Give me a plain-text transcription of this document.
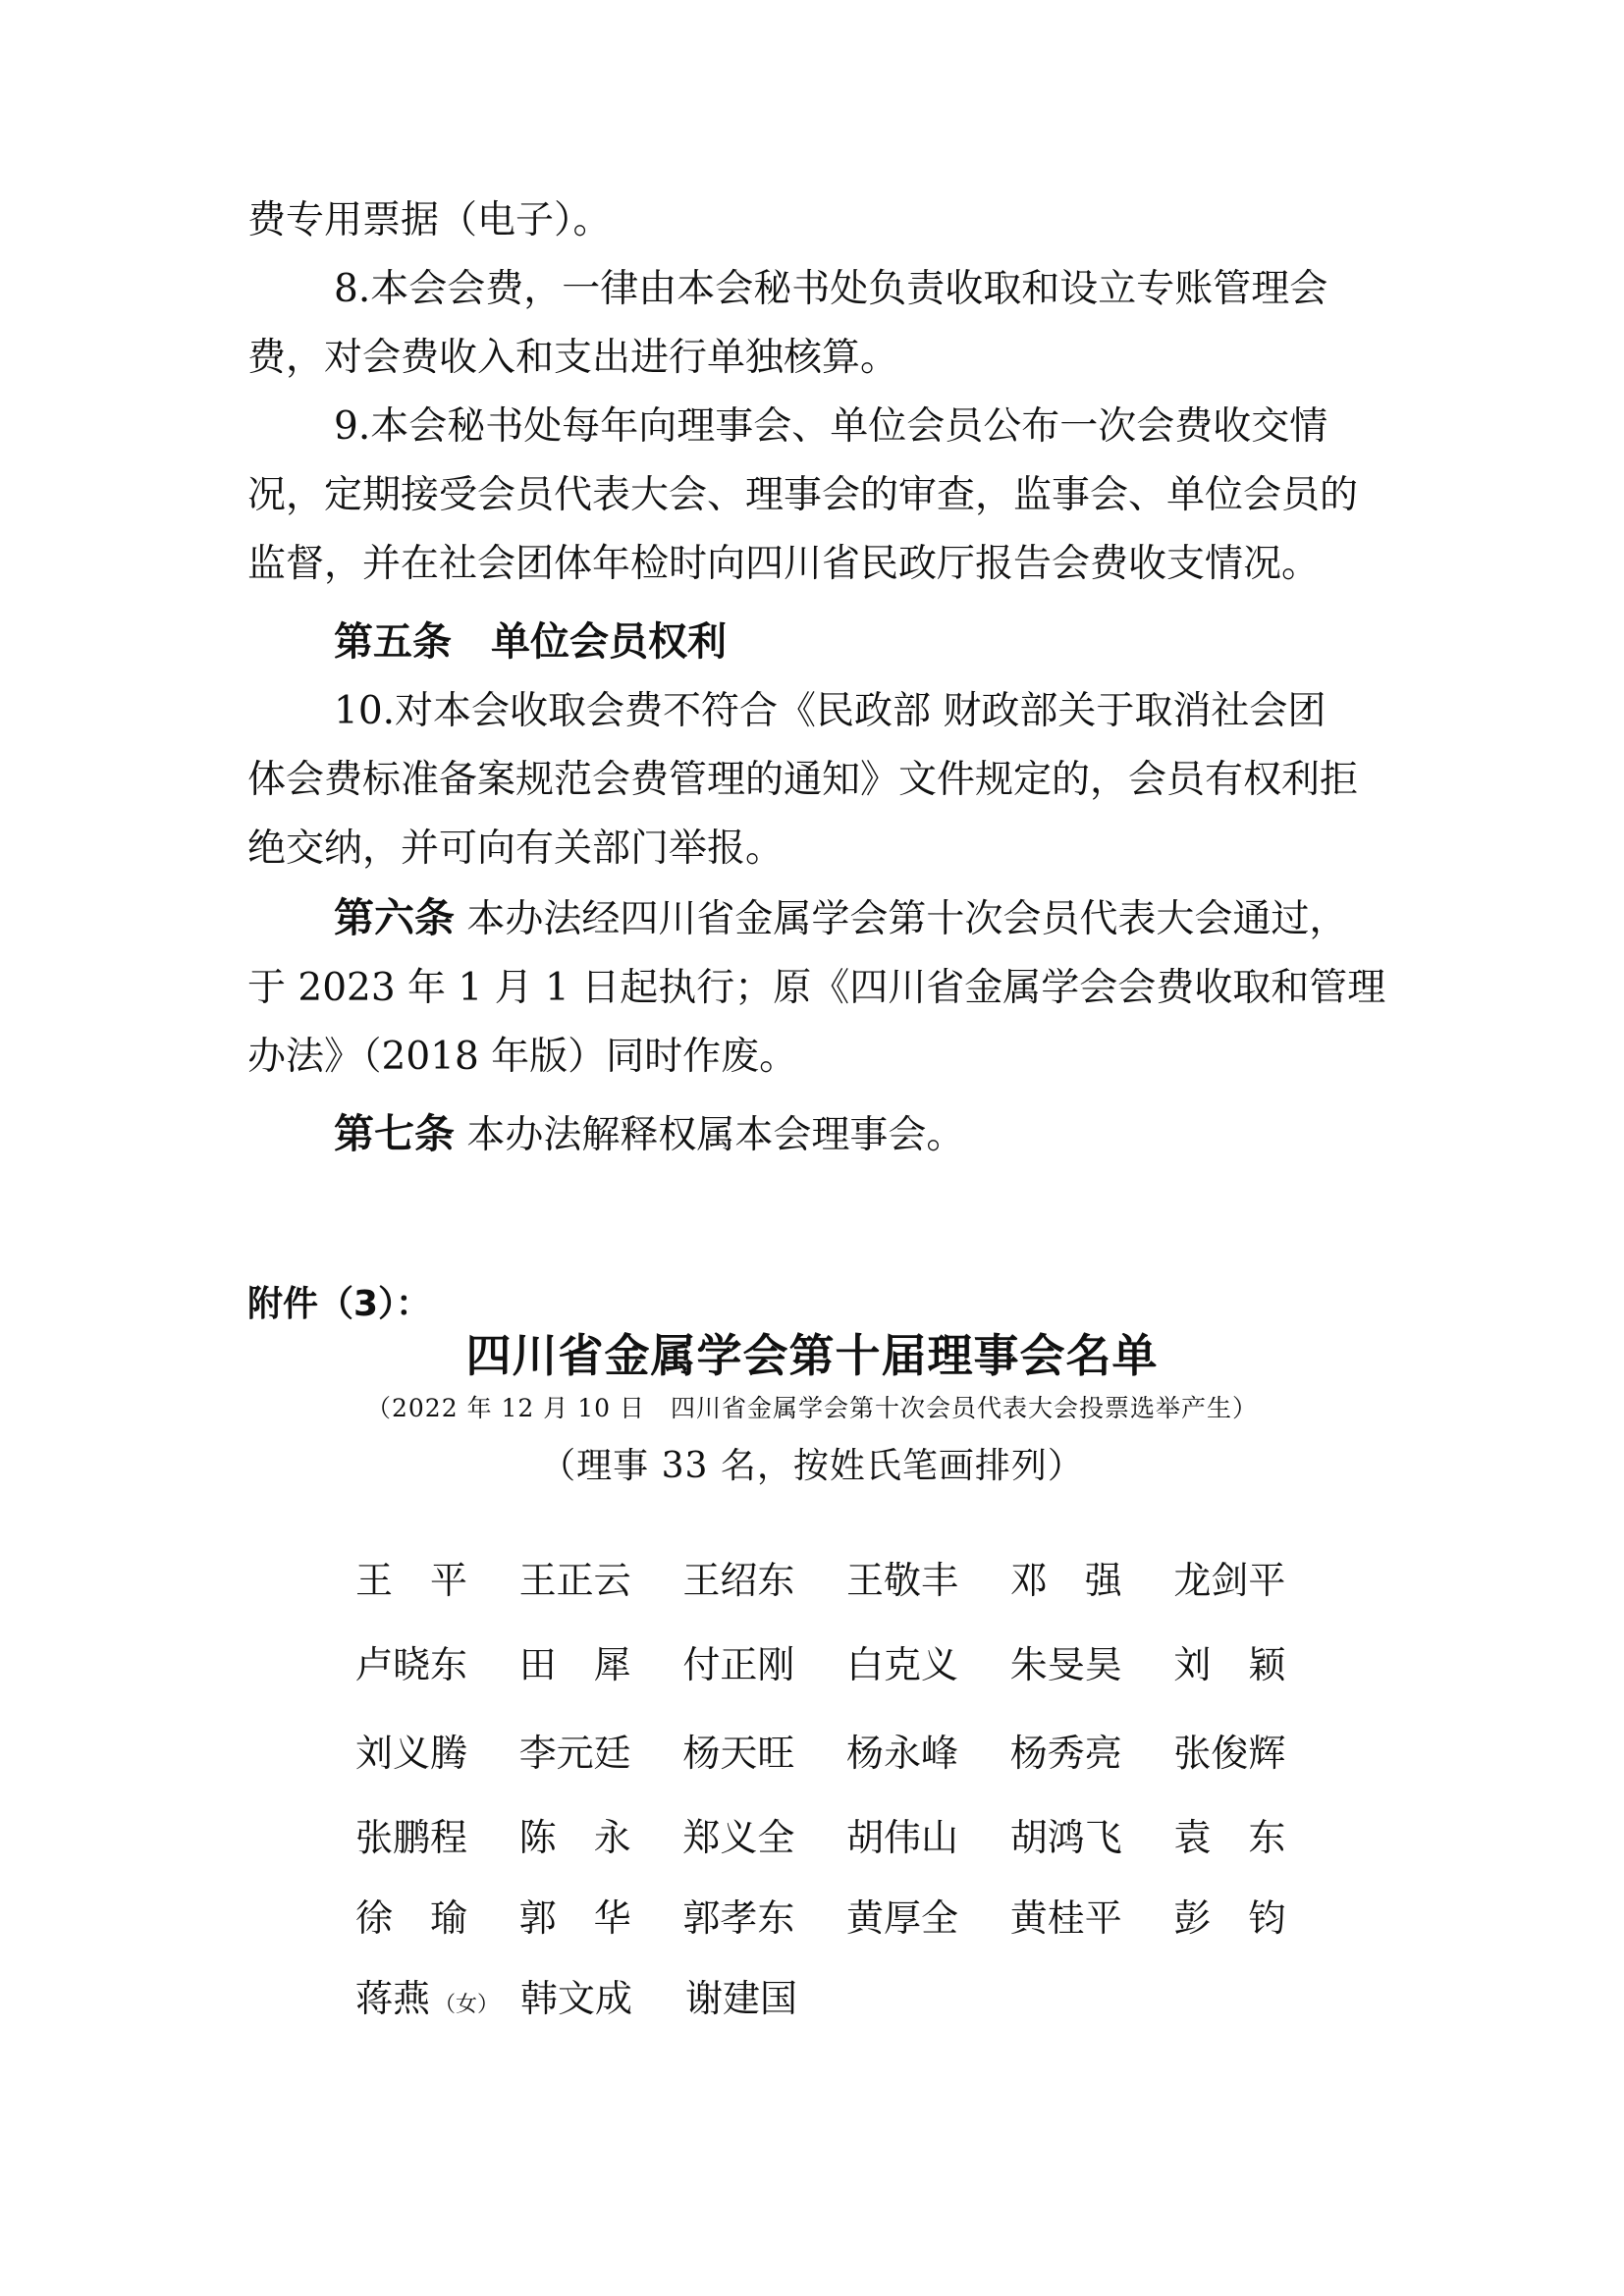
费专用票据（电子）。
8.本会会费，一律由本会秘书处负责收取和设立专账管理会
费，对会费收入和支出进行单独核算。
9.本会秘书处每年向理事会、单位会员公布一次会费收交情
况，定期接受会员代表大会、理事会的审查，监事会、单位会员的
监督，并在社会团体年检时向四川省民政厅报告会费收支情况。
第五条　单位会员权利
10.对本会收取会费不符合《民政部 财政部关于取消社会团
体会费标准备案规范会费管理的通知》文件规定的，会员有权利拒
绝交纳，并可向有关部门举报。
第六条 本办法经四川省金属学会第十次会员代表大会通过，
于 2023 年 1 月 1 日起执行；原《四川省金属学会会费收取和管理
办法》（2018 年版）同时作废。
第七条 本办法解释权属本会理事会。
附件（3）：
四川省金属学会第十届理事会名单
（2022 年 12 月 10 日　四川省金属学会第十次会员代表大会投票选举产生）
（理事 33 名，按姓氏笔画排列）
王　平	王正云	王绍东	王敬丰	邓　强	龙剑平
卢晓东	田　犀	付正刚	白克义	朱旻昊	刘　颖
刘义腾	李元廷	杨天旺	杨永峰	杨秀亮	张俊辉
张鹏程	陈　永	郑义全	胡伟山	胡鸿飞	袁　东
徐　瑜	郭　华	郭孝东	黄厚全	黄桂平	彭　钧
蒋燕 （女） 韩文成	谢建国
